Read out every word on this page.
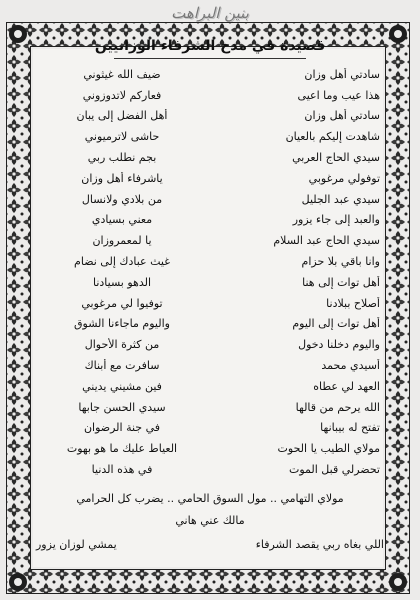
بنين البراهت
قصيدة في مدح الشرفاء الوزانيين
سادتي أهل وزان
ضيف الله غيثوني
هذا عيب وما اعيى
فعاركم لاتدوزوني
سادتي أهل وزان
أهل الفضل إلى يبان
شاهدت إليكم بالعيان
حاشى لاترميوني
سيدي الحاج العربي
بجم نطلب ربي
توفولي مرغوبي
ياشرفاء أهل وزان
سيدي عبد الجليل
من بلادي ولانسال
والعبد إلى جاء يزور
معني بسيادي
سيدي الحاج عبد السلام
يا لمعمروزان
وانا باقي بلا حزام
غيث عبادك إلى نضام
أهل توات إلى هنا
الدهو بسيادنا
أصلاح ببلادنا
توفيوا لي مرغوبي
أهل توات إلى اليوم
واليوم ماجاءنا الشوق
واليوم دخلنا دخول
من كثرة الأحوال
أسيدي محمد
سافرت مع أبناك
العهد لي عطاه
فين مشيني يديني
الله يرحم من قالها
سيدي الحسن جابها
تفتح له بيبانها
في جنة الرضوان
مولاي الطيب يا الحوت
العياط عليك ما هو بهوت
تحضرلي قبل الموت
في هذه الدنيا
مولاي التهامي .. مول السوق الحامي .. يضرب كل الحرامي
مالك عني هاني
اللي بغاه ربي يقصد الشرفاء
يمشي لوزان يزور
